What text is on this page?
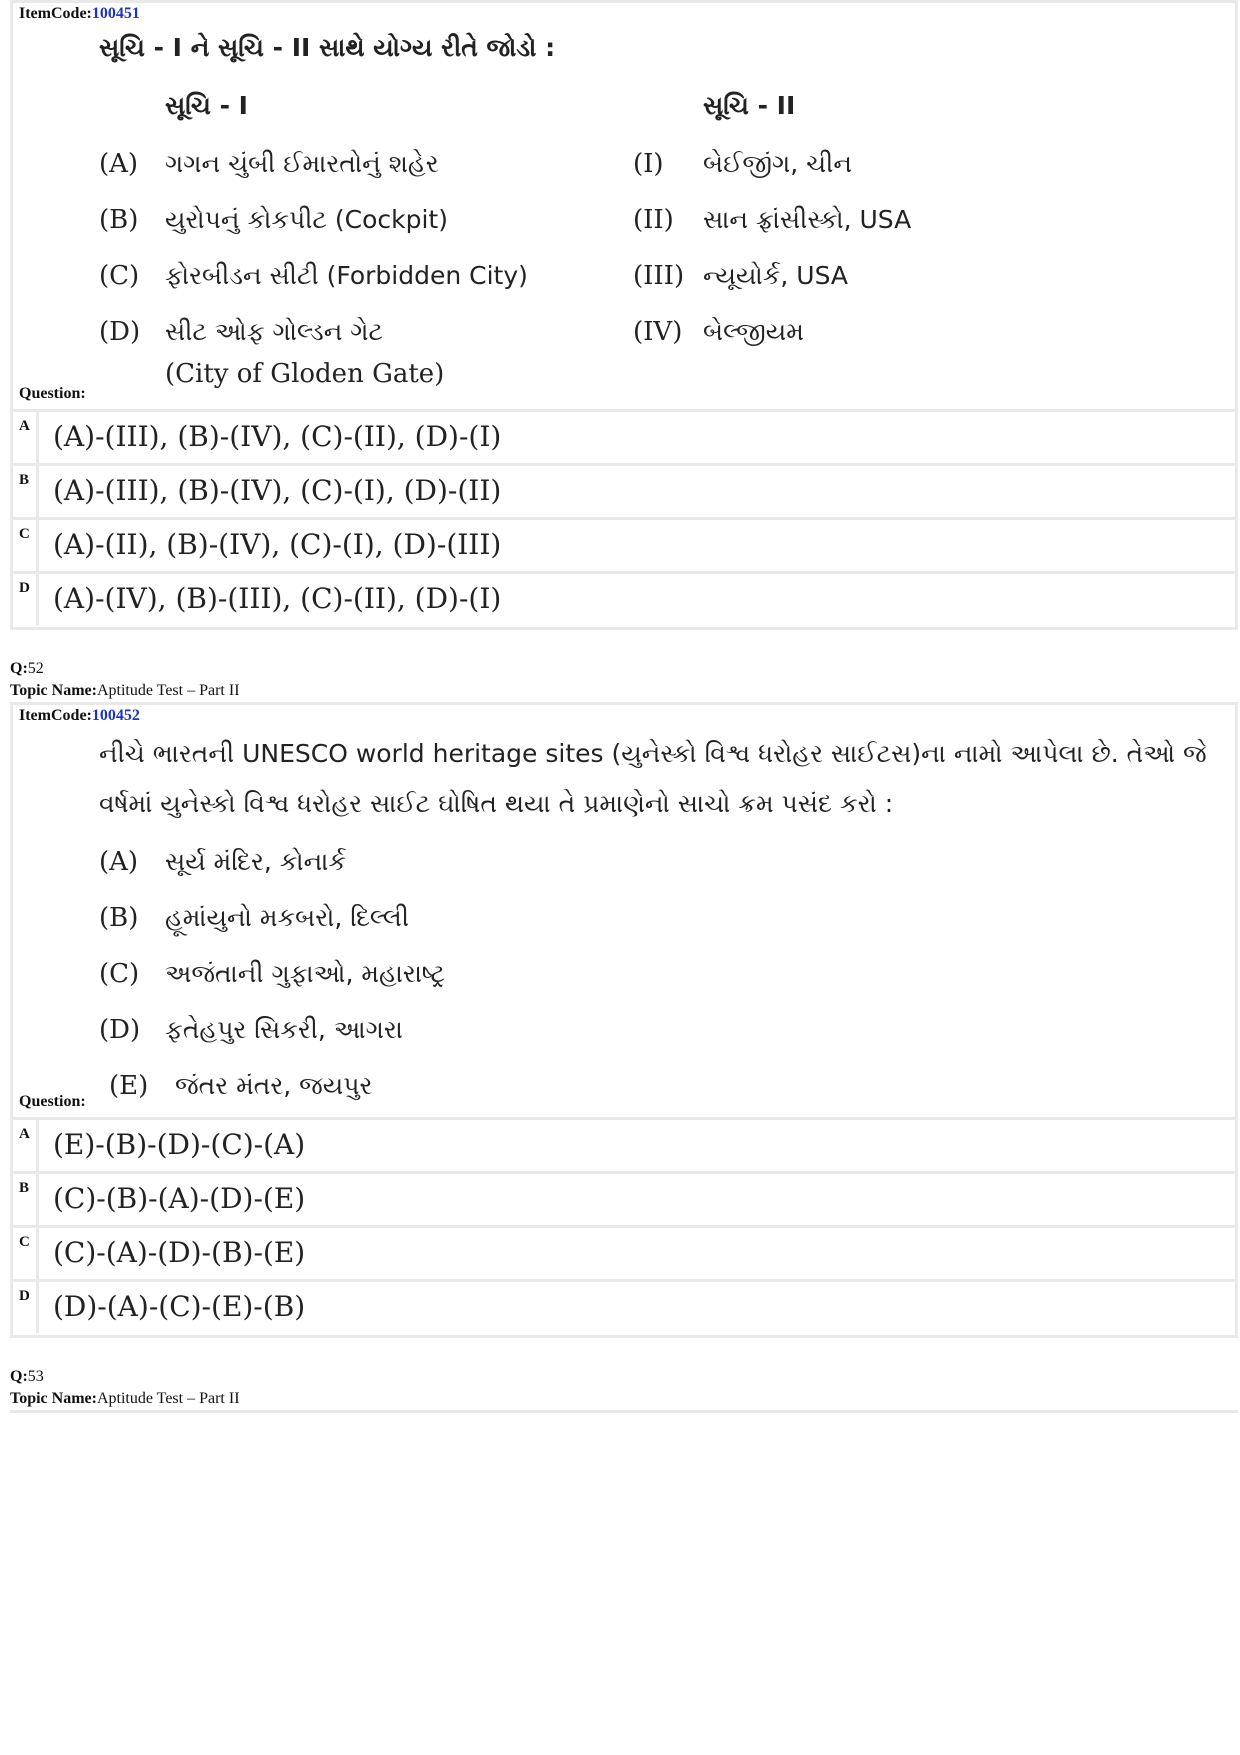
ItemCode:100451
સૂચિ - I ને સૂચિ - II સાથે યોગ્ય રીતે જોડો :
સૂચિ - I	સૂચિ - II
(A) ગગન ચુંબી ઈમારતોનું શહેર
(B) યુરોપનું કોકપીટ (Cockpit)
(C) ફોરબીડન સીટી (Forbidden City)
(D) સીટ ઓફ ગોલ્ડન ગેટ
(City of Gloden Gate)
(I) બેઈજીંગ, ચીન
(II) સાન ફ્રાંસીસ્કો, USA
(III) ન્યૂયોર્ક, USA
(IV) બેલ્જીયમ
Question:
A (A)-(III), (B)-(IV), (C)-(II), (D)-(I)
B (A)-(III), (B)-(IV), (C)-(I), (D)-(II)
C (A)-(II), (B)-(IV), (C)-(I), (D)-(III)
D (A)-(IV), (B)-(III), (C)-(II), (D)-(I)
Q:52
Topic Name:Aptitude Test – Part II
ItemCode:100452
નીચે ભારતની UNESCO world heritage sites (યુનેસ્કો વિશ્વ ધરોહર સાઈટસ)ના નામો આપેલા છે. તેઓ જે
વર્ષમાં યુનેસ્કો વિશ્વ ધરોહર સાઈટ ઘોષિત થયા તે પ્રમાણેનો સાચો ક્રમ પસંદ કરો :
(A) સૂર્ય મંદિર, કોનાર્ક
(B) હૂમાંયુનો મકબરો, દિલ્લી
(C) અજંતાની ગુફાઓ, મહારાષ્ટ્ર
(D) ફતેહપુર સિકરી, આગરા
(E) જંતર મંતર, જયપુર
Question:
A (E)-(B)-(D)-(C)-(A)
B (C)-(B)-(A)-(D)-(E)
C (C)-(A)-(D)-(B)-(E)
D (D)-(A)-(C)-(E)-(B)
Q:53
Topic Name:Aptitude Test – Part II
